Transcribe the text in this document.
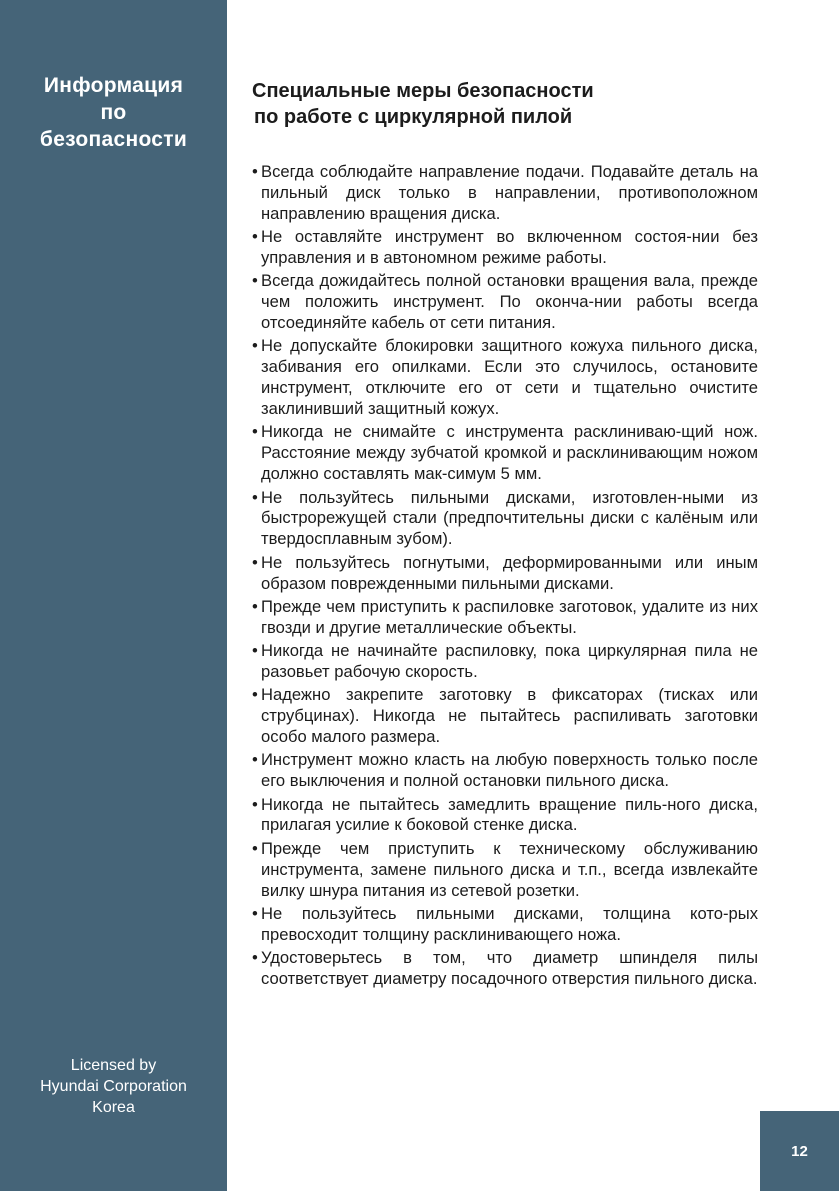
Информация
по
безопасности
Licensed by
Hyundai Corporation
Korea
Специальные меры безопасности
по работе с циркулярной пилой
• Всегда соблюдайте направление подачи. Подавайте деталь на пильный диск только в направлении, противоположном направлению вращения диска.
• Не оставляйте инструмент во включенном состоя-нии без управления и в автономном режиме работы.
• Всегда дожидайтесь полной остановки вращения вала, прежде чем положить инструмент. По оконча-нии работы всегда отсоединяйте кабель от сети питания.
• Не допускайте блокировки защитного кожуха пильного диска, забивания его опилками. Если это случилось, остановите инструмент, отключите его от сети и тщательно очистите заклинивший защитный кожух.
• Никогда не снимайте с инструмента расклиниваю-щий нож. Расстояние между зубчатой кромкой и расклинивающим ножом должно составлять мак-симум 5 мм.
• Не пользуйтесь пильными дисками, изготовлен-ными из быстрорежущей стали (предпочтительны диски с калёным или твердосплавным зубом).
• Не пользуйтесь погнутыми, деформированными или иным образом поврежденными пильными дисками.
• Прежде чем приступить к распиловке заготовок, удалите из них гвозди и другие металлические объекты.
• Никогда не начинайте распиловку, пока циркулярная пила не разовьет рабочую скорость.
• Надежно закрепите заготовку в фиксаторах (тисках или струбцинах). Никогда не пытайтесь распиливать заготовки особо малого размера.
• Инструмент можно класть на любую поверхность только после его выключения и полной остановки пильного диска.
• Никогда не пытайтесь замедлить вращение пиль-ного диска, прилагая усилие к боковой стенке диска.
• Прежде чем приступить к техническому обслуживанию инструмента, замене пильного диска и т.п., всегда извлекайте вилку шнура питания из сетевой розетки.
• Не пользуйтесь пильными дисками, толщина кото-рых превосходит толщину расклинивающего ножа.
• Удостоверьтесь в том, что диаметр шпинделя пилы соответствует диаметру посадочного отверстия пильного диска.
12
